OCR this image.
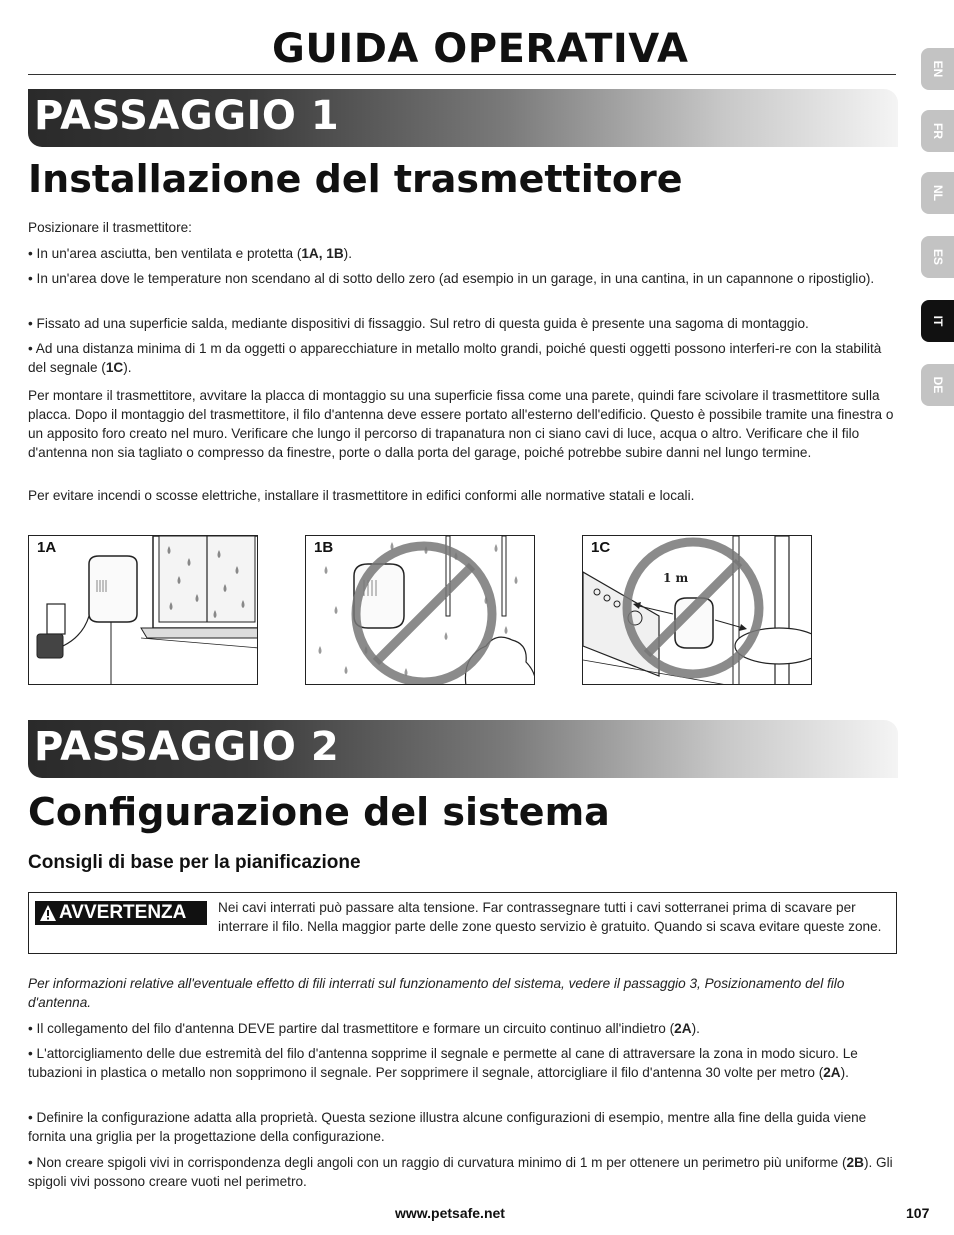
GUIDA OPERATIVA	EN
FR
NL
ES
IT
DE
PASSAGGIO 1
Installazione del trasmettitore
Posizionare il trasmettitore:
• In un'area asciutta, ben ventilata e protetta (1A, 1B).
• In un'area dove le temperature non scendano al di sotto dello zero (ad esempio in un garage, in una cantina, in un capannone o ripostiglio).
• Fissato ad una superficie salda, mediante dispositivi di fissaggio. Sul retro di questa guida è presente una sagoma di montaggio.
• Ad una distanza minima di 1 m da oggetti o apparecchiature in metallo molto grandi, poiché questi oggetti possono interferi-re con la stabilità del segnale (1C).
Per montare il trasmettitore, avvitare la placca di montaggio su una superficie fissa come una parete, quindi fare scivolare il trasmettitore sulla placca. Dopo il montaggio del trasmettitore, il filo d'antenna deve essere portato all'esterno dell'edificio. Questo è possibile tramite una finestra o un apposito foro creato nel muro. Verificare che lungo il percorso di trapanatura non ci siano cavi di luce, acqua o altro. Verificare che il filo d'antenna non sia tagliato o compresso da finestre, porte o dalla porta del garage, poiché potrebbe subire danni nel lungo termine.
Per evitare incendi o scosse elettriche, installare il trasmettitore in edifici conformi alle normative statali e locali.
1A	1B	1C
1 m
PASSAGGIO 2
Configurazione del sistema
Consigli di base per la pianificazione
AVVERTENZA Nei cavi interrati può passare alta tensione. Far contrassegnare tutti i cavi sotterranei prima di scavare per interrare il filo. Nella maggior parte delle zone questo servizio è gratuito. Quando si scava evitare queste zone.
Per informazioni relative all'eventuale effetto di fili interrati sul funzionamento del sistema, vedere il passaggio 3, Posizionamento del filo d'antenna.
• Il collegamento del filo d'antenna DEVE partire dal trasmettitore e formare un circuito continuo all'indietro (2A).
• L'attorcigliamento delle due estremità del filo d'antenna sopprime il segnale e permette al cane di attraversare la zona in modo sicuro. Le tubazioni in plastica o metallo non sopprimono il segnale. Per sopprimere il segnale, attorcigliare il filo d'antenna 30 volte per metro (2A).
• Definire la configurazione adatta alla proprietà. Questa sezione illustra alcune configurazioni di esempio, mentre alla fine della guida viene fornita una griglia per la progettazione della configurazione.
• Non creare spigoli vivi in corrispondenza degli angoli con un raggio di curvatura minimo di 1 m per ottenere un perimetro più uniforme (2B). Gli spigoli vivi possono creare vuoti nel perimetro.
www.petsafe.net	107
